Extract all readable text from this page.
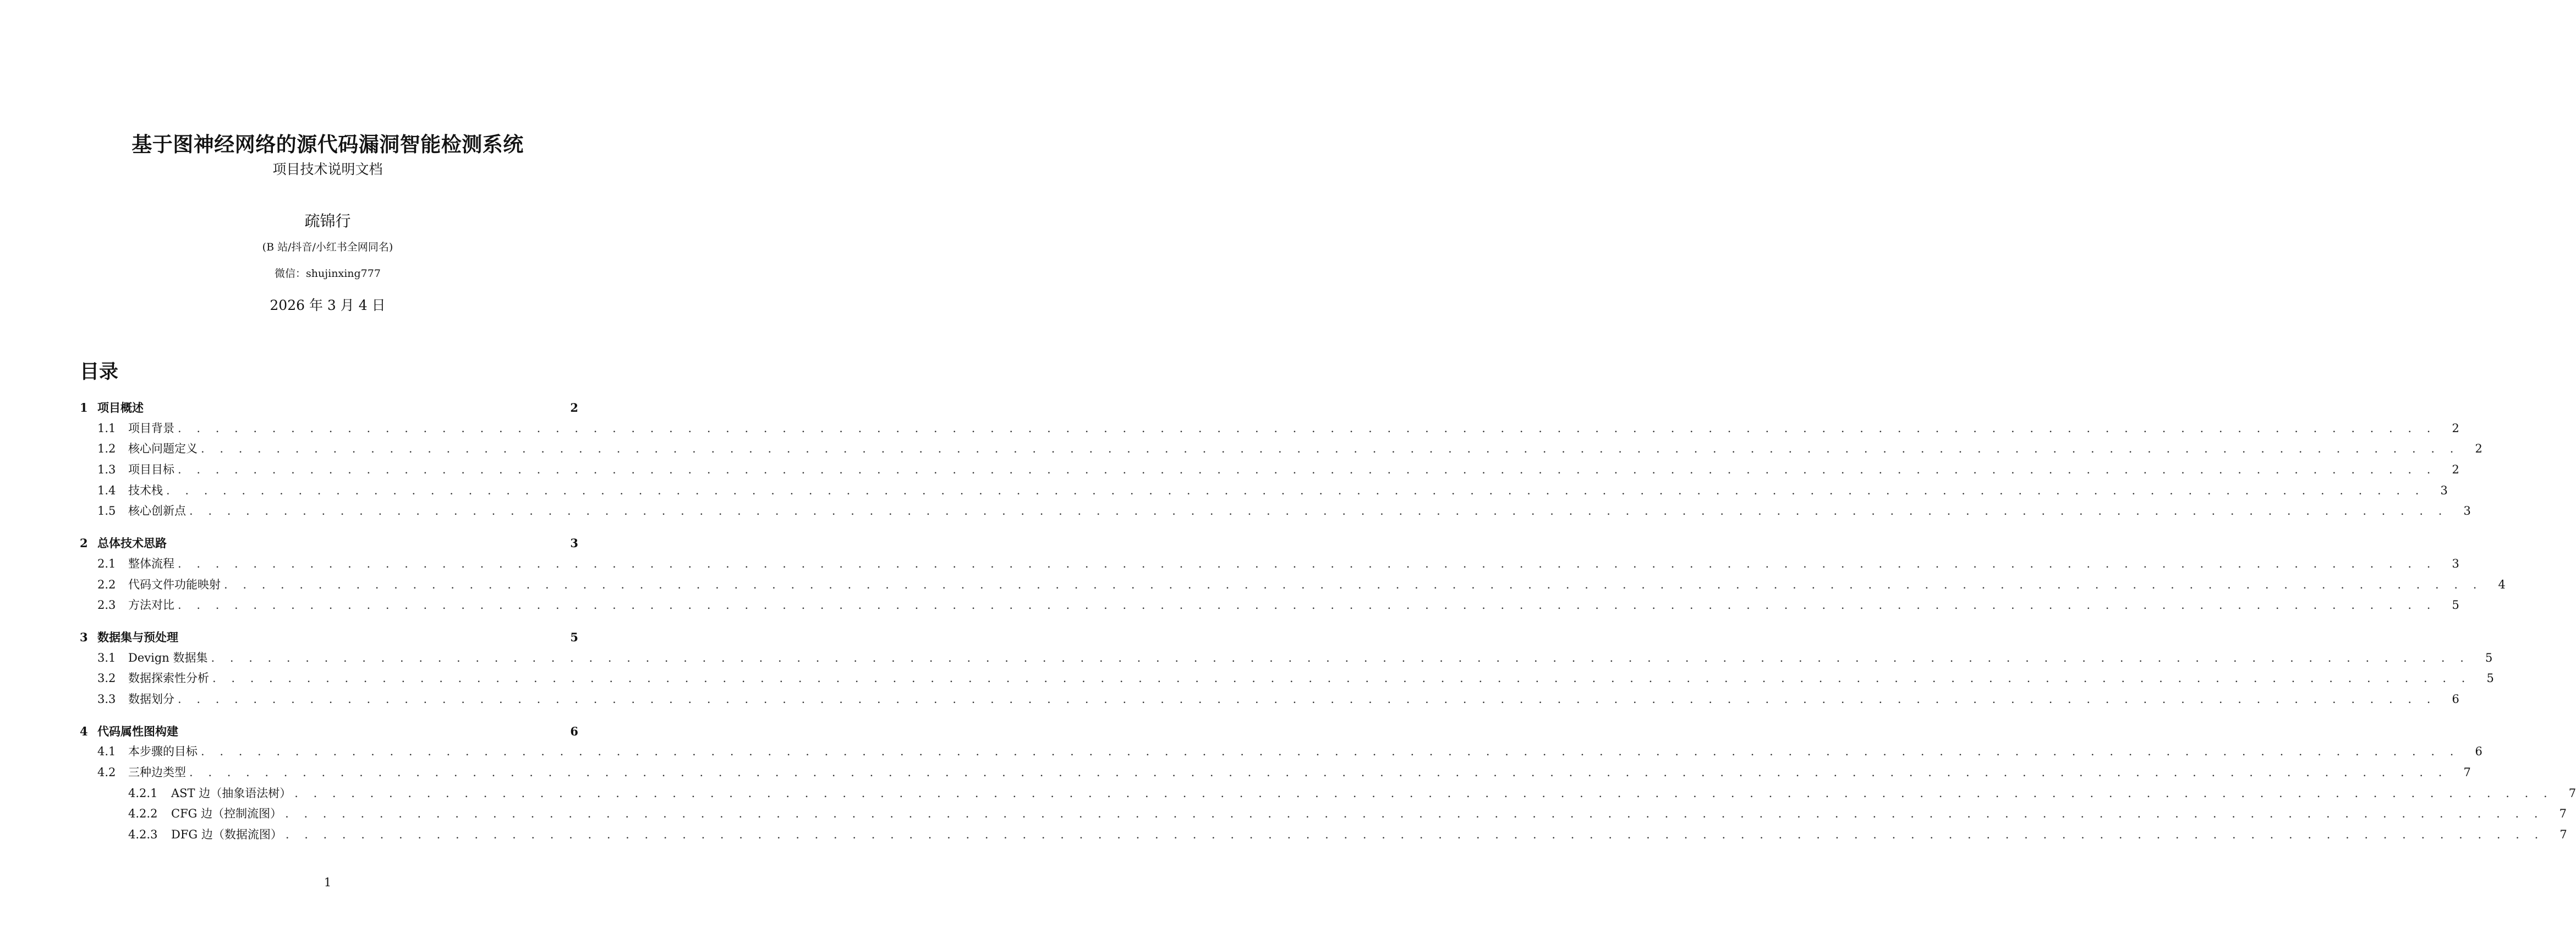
基于图神经网络的源代码漏洞智能检测系统
项目技术说明文档
疏锦行
(B 站/抖音/小红书全网同名)
微信：shujinxing777
2026 年 3 月 4 日
目录
1 项目概述	2
1.1	项目背景 . . . . . . . . . . . . . . . . . . . . . . . . . . . . . . . . . . . . . . . . . . . . . . . . . . . . . . . . . . . . . . . . . . . . . . . . . . . . . . . . . . . . . . . . . . . . . . . . . . . . . . . . . . . . . . . . . . . . . . . .	2
1.2	核心问题定义 . . . . . . . . . . . . . . . . . . . . . . . . . . . . . . . . . . . . . . . . . . . . . . . . . . . . . . . . . . . . . . . . . . . . . . . . . . . . . . . . . . . . . . . . . . . . . . . . . . . . . . . . . . . . . . . . . . . . . . . .	2
1.3	项目目标 . . . . . . . . . . . . . . . . . . . . . . . . . . . . . . . . . . . . . . . . . . . . . . . . . . . . . . . . . . . . . . . . . . . . . . . . . . . . . . . . . . . . . . . . . . . . . . . . . . . . . . . . . . . . . . . . . . . . . . . .	2
1.4	技术栈 . . . . . . . . . . . . . . . . . . . . . . . . . . . . . . . . . . . . . . . . . . . . . . . . . . . . . . . . . . . . . . . . . . . . . . . . . . . . . . . . . . . . . . . . . . . . . . . . . . . . . . . . . . . . . . . . . . . . . . . .	3
1.5	核心创新点 . . . . . . . . . . . . . . . . . . . . . . . . . . . . . . . . . . . . . . . . . . . . . . . . . . . . . . . . . . . . . . . . . . . . . . . . . . . . . . . . . . . . . . . . . . . . . . . . . . . . . . . . . . . . . . . . . . . . . . . .	3
2 总体技术思路	3
2.1	整体流程 . . . . . . . . . . . . . . . . . . . . . . . . . . . . . . . . . . . . . . . . . . . . . . . . . . . . . . . . . . . . . . . . . . . . . . . . . . . . . . . . . . . . . . . . . . . . . . . . . . . . . . . . . . . . . . . . . . . . . . . .	3
2.2	代码文件功能映射 . . . . . . . . . . . . . . . . . . . . . . . . . . . . . . . . . . . . . . . . . . . . . . . . . . . . . . . . . . . . . . . . . . . . . . . . . . . . . . . . . . . . . . . . . . . . . . . . . . . . . . . . . . . . . . . . . . . . . . . .	4
2.3	方法对比 . . . . . . . . . . . . . . . . . . . . . . . . . . . . . . . . . . . . . . . . . . . . . . . . . . . . . . . . . . . . . . . . . . . . . . . . . . . . . . . . . . . . . . . . . . . . . . . . . . . . . . . . . . . . . . . . . . . . . . . .	5
3 数据集与预处理	5
3.1	Devign 数据集 . . . . . . . . . . . . . . . . . . . . . . . . . . . . . . . . . . . . . . . . . . . . . . . . . . . . . . . . . . . . . . . . . . . . . . . . . . . . . . . . . . . . . . . . . . . . . . . . . . . . . . . . . . . . . . . . . . . . . . . .	5
3.2	数据探索性分析 . . . . . . . . . . . . . . . . . . . . . . . . . . . . . . . . . . . . . . . . . . . . . . . . . . . . . . . . . . . . . . . . . . . . . . . . . . . . . . . . . . . . . . . . . . . . . . . . . . . . . . . . . . . . . . . . . . . . . . . .	5
3.3	数据划分 . . . . . . . . . . . . . . . . . . . . . . . . . . . . . . . . . . . . . . . . . . . . . . . . . . . . . . . . . . . . . . . . . . . . . . . . . . . . . . . . . . . . . . . . . . . . . . . . . . . . . . . . . . . . . . . . . . . . . . . .	6
4 代码属性图构建	6
4.1	本步骤的目标 . . . . . . . . . . . . . . . . . . . . . . . . . . . . . . . . . . . . . . . . . . . . . . . . . . . . . . . . . . . . . . . . . . . . . . . . . . . . . . . . . . . . . . . . . . . . . . . . . . . . . . . . . . . . . . . . . . . . . . . .	6
4.2	三种边类型 . . . . . . . . . . . . . . . . . . . . . . . . . . . . . . . . . . . . . . . . . . . . . . . . . . . . . . . . . . . . . . . . . . . . . . . . . . . . . . . . . . . . . . . . . . . . . . . . . . . . . . . . . . . . . . . . . . . . . . . .	7
4.2.1	AST 边（抽象语法树） . . . . . . . . . . . . . . . . . . . . . . . . . . . . . . . . . . . . . . . . . . . . . . . . . . . . . . . . . . . . . . . . . . . . . . . . . . . . . . . . . . . . . . . . . . . . . . . . . . . . . . . . . . . . . . . . . . . . . . . .	7
4.2.2	CFG 边（控制流图） . . . . . . . . . . . . . . . . . . . . . . . . . . . . . . . . . . . . . . . . . . . . . . . . . . . . . . . . . . . . . . . . . . . . . . . . . . . . . . . . . . . . . . . . . . . . . . . . . . . . . . . . . . . . . . . . . . . . . . . .	7
4.2.3	DFG 边（数据流图） . . . . . . . . . . . . . . . . . . . . . . . . . . . . . . . . . . . . . . . . . . . . . . . . . . . . . . . . . . . . . . . . . . . . . . . . . . . . . . . . . . . . . . . . . . . . . . . . . . . . . . . . . . . . . . . . . . . . . . . .	7
1
